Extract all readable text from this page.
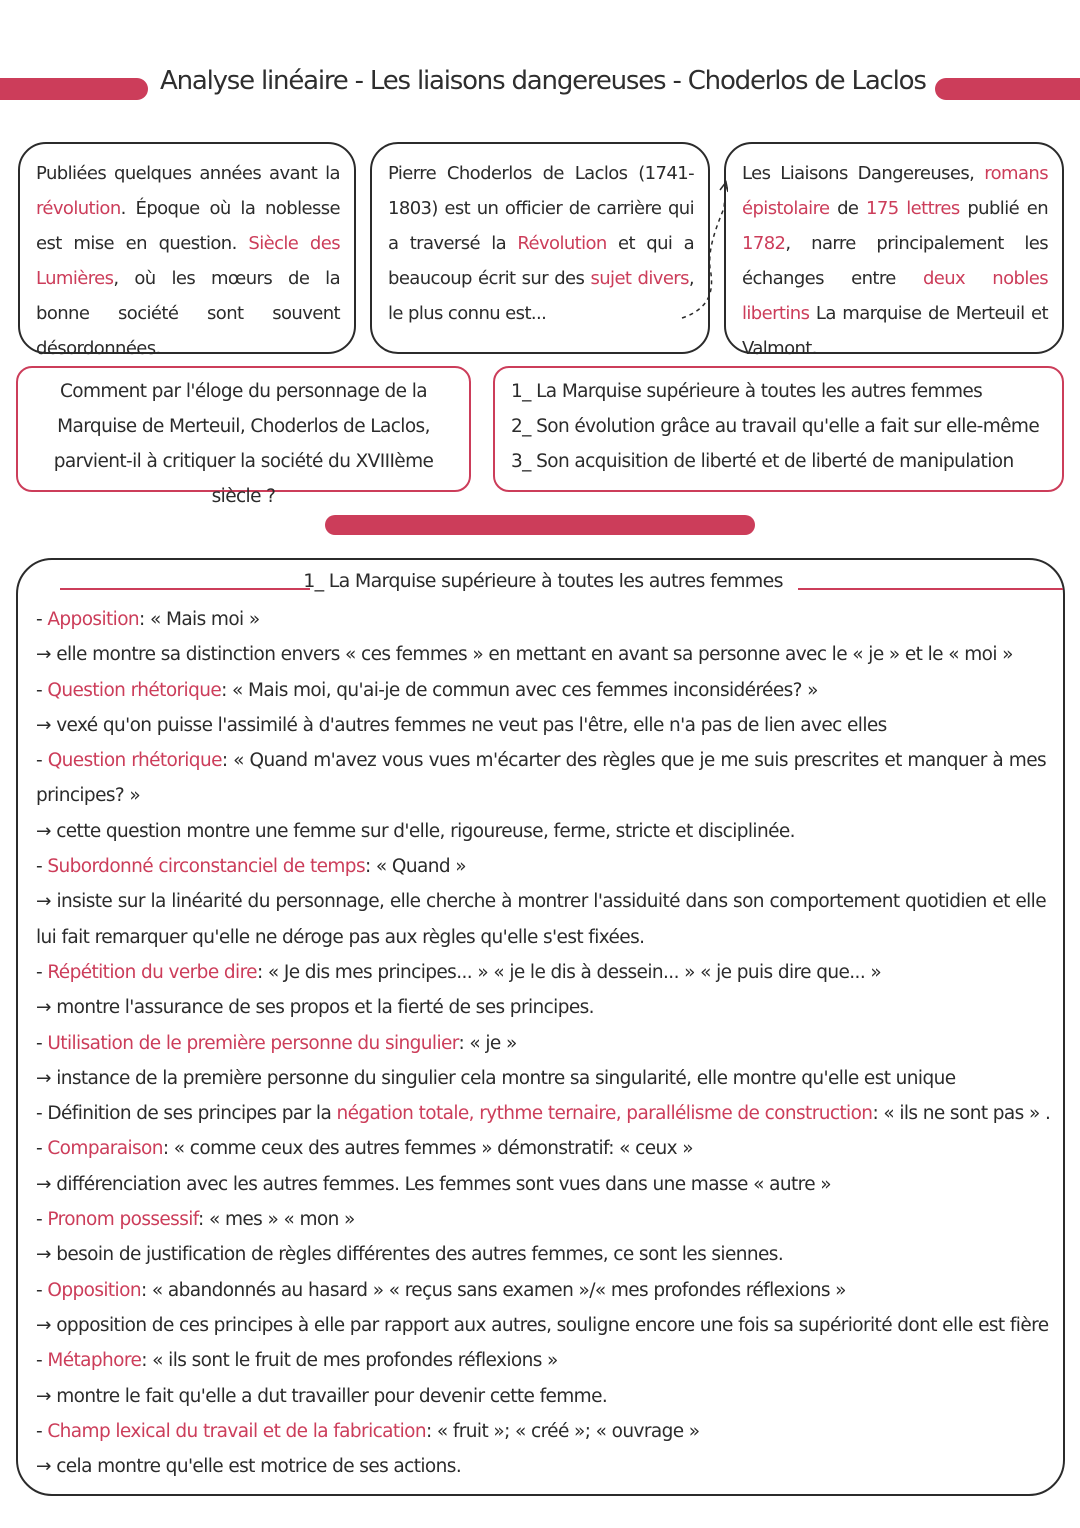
Analyse linéaire - Les liaisons dangereuses - Choderlos de Laclos

Publiées quelques années avant la révolution. Époque où la noblesse est mise en question. Siècle des Lumières, où les mœurs de la bonne société sont souvent désordonnées.

Pierre Choderlos de Laclos (1741-1803) est un officier de carrière qui a traversé la Révolution et qui a beaucoup écrit sur des sujet divers, le plus connu est...

Les Liaisons Dangereuses, romans épistolaire de 175 lettres publié en 1782, narre principalement les échanges entre deux nobles libertins La marquise de Merteuil et Valmont.

Comment par l'éloge du personnage de la Marquise de Merteuil, Choderlos de Laclos, parvient-il à critiquer la société du XVIIIème siècle ?

1_ La Marquise supérieure à toutes les autres femmes
2_ Son évolution grâce au travail qu'elle a fait sur elle-même
3_ Son acquisition de liberté et de liberté de manipulation
1_ La Marquise supérieure à toutes les autres femmes
- Apposition: « Mais moi »
→ elle montre sa distinction envers « ces femmes » en mettant en avant sa personne avec le « je » et le « moi »
- Question rhétorique: « Mais moi, qu'ai-je de commun avec ces femmes inconsidérées? »
→ vexé qu'on puisse l'assimilé à d'autres femmes ne veut pas l'être, elle n'a pas de lien avec elles
- Question rhétorique: « Quand m'avez vous vues m'écarter des règles que je me suis prescrites et manquer à mes principes? »
→ cette question montre une femme sur d'elle, rigoureuse, ferme, stricte et disciplinée.
- Subordonné circonstanciel de temps: « Quand »
→ insiste sur la linéarité du personnage, elle cherche à montrer l'assiduité dans son comportement quotidien et elle lui fait remarquer qu'elle ne déroge pas aux règles qu'elle s'est fixées.
- Répétition du verbe dire: « Je dis mes principes... » « je le dis à dessein... » « je puis dire que... »
→ montre l'assurance de ses propos et la fierté de ses principes.
- Utilisation de le première personne du singulier: « je »
→ instance de la première personne du singulier cela montre sa singularité, elle montre qu'elle est unique
- Définition de ses principes par la négation totale, rythme ternaire, parallélisme de construction: « ils ne sont pas » .
- Comparaison: « comme ceux des autres femmes » démonstratif: « ceux »
→ différenciation avec les autres femmes. Les femmes sont vues dans une masse « autre »
- Pronom possessif: « mes » « mon »
→ besoin de justification de règles différentes des autres femmes, ce sont les siennes.
- Opposition: « abandonnés au hasard » « reçus sans examen »/« mes profondes réflexions »
→ opposition de ces principes à elle par rapport aux autres, souligne encore une fois sa supériorité dont elle est fière
- Métaphore: « ils sont le fruit de mes profondes réflexions »
→ montre le fait qu'elle a dut travailler pour devenir cette femme.
- Champ lexical du travail et de la fabrication: « fruit »; « créé »; « ouvrage »
→ cela montre qu'elle est motrice de ses actions.
